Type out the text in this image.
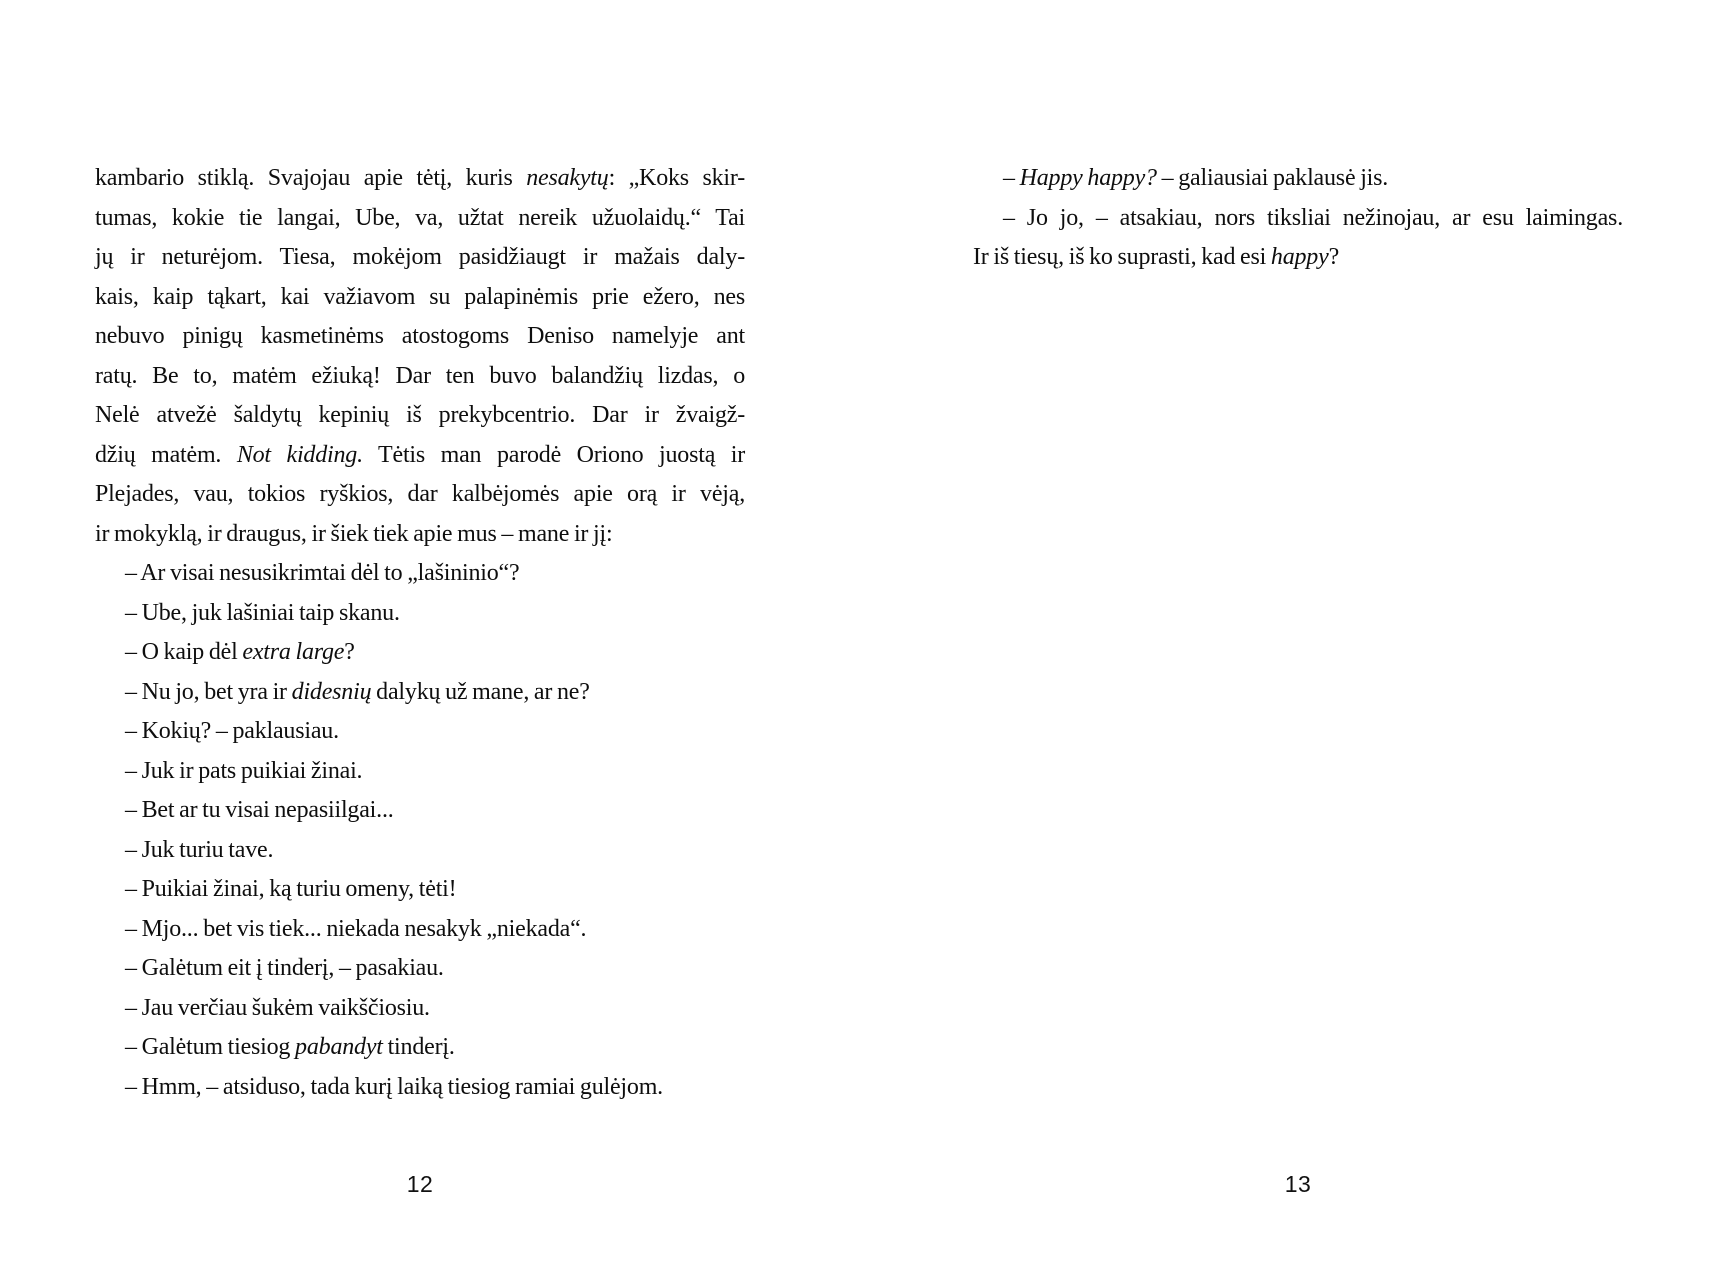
kambario stiklą. Svajojau apie tėtį, kuris nesakytų: „Koks skir-
tumas, kokie tie langai, Ube, va, užtat nereik užuolaidų.“ Tai
jų ir neturėjom. Tiesa, mokėjom pasidžiaugt ir mažais daly-
kais, kaip tąkart, kai važiavom su palapinėmis prie ežero, nes
nebuvo pinigų kasmetinėms atostogoms Deniso namelyje ant
ratų. Be to, matėm ežiuką! Dar ten buvo balandžių lizdas, o
Nelė atvežė šaldytų kepinių iš prekybcentrio. Dar ir žvaigž-
džių matėm. Not kidding. Tėtis man parodė Oriono juostą ir
Plejades, vau, tokios ryškios, dar kalbėjomės apie orą ir vėją,
ir mokyklą, ir draugus, ir šiek tiek apie mus – mane ir jį:
– Ar visai nesusikrimtai dėl to „lašininio“?
– Ube, juk lašiniai taip skanu.
– O kaip dėl extra large?
– Nu jo, bet yra ir didesnių dalykų už mane, ar ne?
– Kokių? – paklausiau.
– Juk ir pats puikiai žinai.
– Bet ar tu visai nepasiilgai...
– Juk turiu tave.
– Puikiai žinai, ką turiu omeny, tėti!
– Mjo... bet vis tiek... niekada nesakyk „niekada“.
– Galėtum eit į tinderį, – pasakiau.
– Jau verčiau šukėm vaikščiosiu.
– Galėtum tiesiog pabandyt tinderį.
– Hmm, – atsiduso, tada kurį laiką tiesiog ramiai gulėjom.
– Happy happy? – galiausiai paklausė jis.
– Jo jo, – atsakiau, nors tiksliai nežinojau, ar esu laimingas.
Ir iš tiesų, iš ko suprasti, kad esi happy?
12	13
